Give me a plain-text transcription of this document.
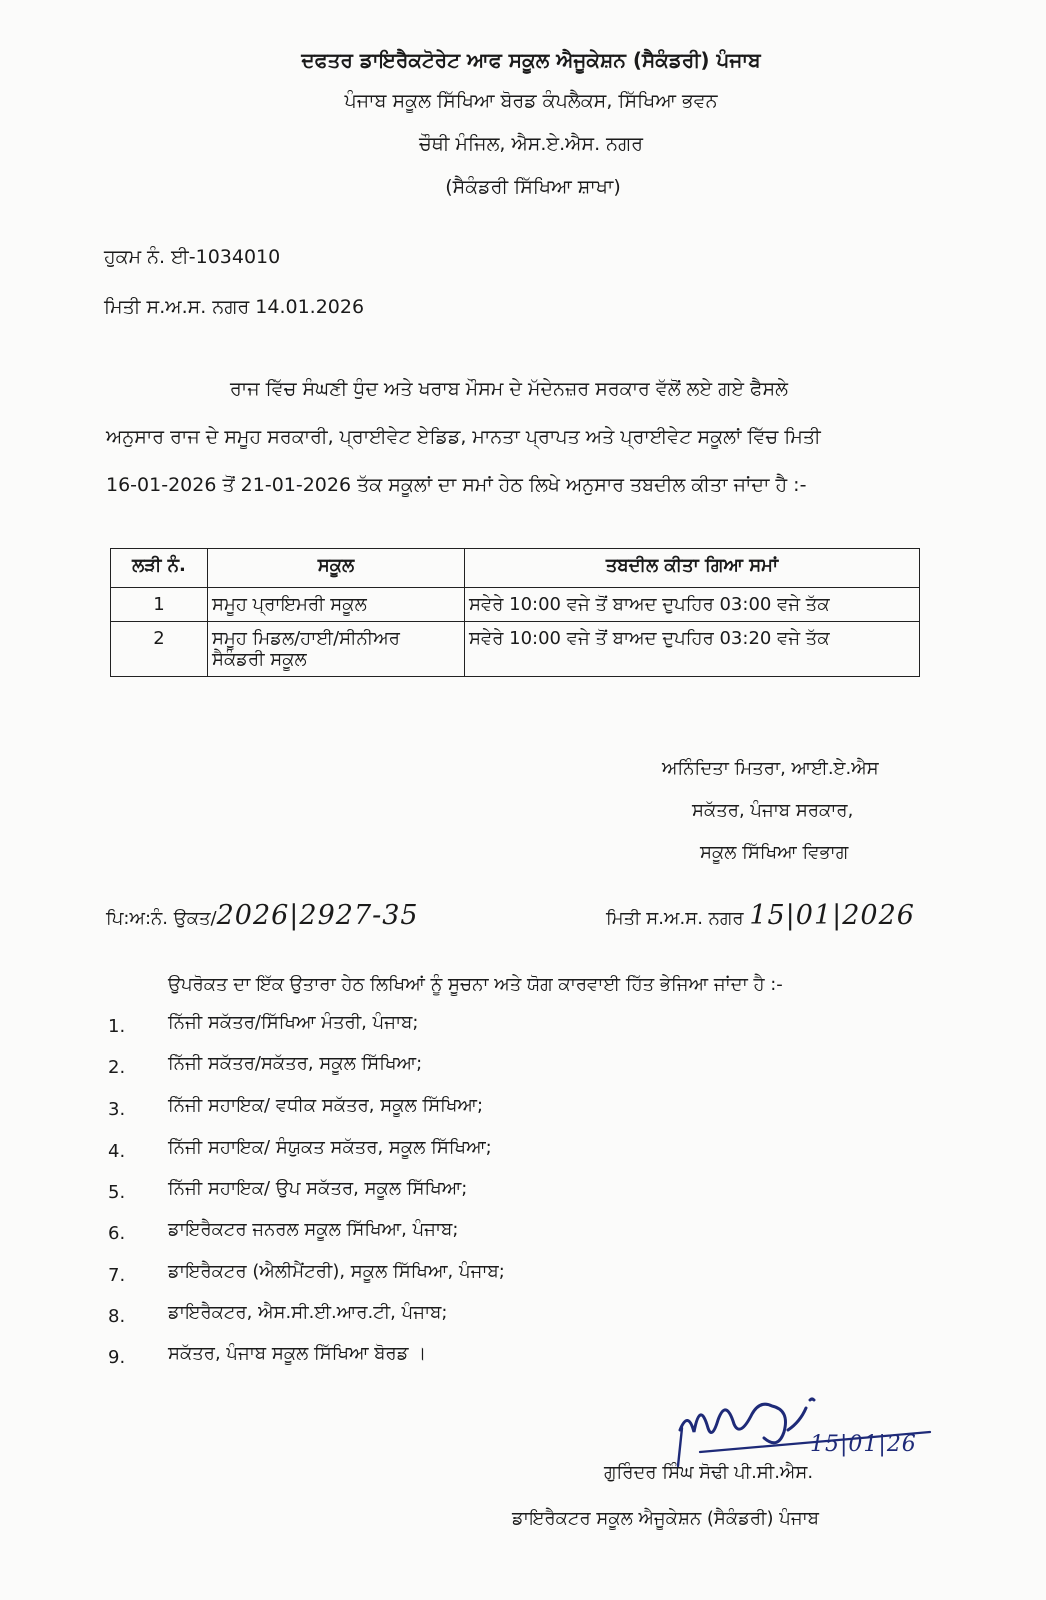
ਦਫਤਰ ਡਾਇਰੈਕਟੋਰੇਟ ਆਫ ਸਕੂਲ ਐਜੂਕੇਸ਼ਨ (ਸੈਕੰਡਰੀ) ਪੰਜਾਬ
ਪੰਜਾਬ ਸਕੂਲ ਸਿੱਖਿਆ ਬੋਰਡ ਕੰਪਲੈਕਸ, ਸਿੱਖਿਆ ਭਵਨ
ਚੌਥੀ ਮੰਜਿਲ, ਐਸ.ਏ.ਐਸ. ਨਗਰ
(ਸੈਕੰਡਰੀ ਸਿੱਖਿਆ ਸ਼ਾਖਾ)
ਹੁਕਮ ਨੰ. ਈ-1034010
ਮਿਤੀ ਸ.ਅ.ਸ. ਨਗਰ 14.01.2026
ਰਾਜ ਵਿੱਚ ਸੰਘਣੀ ਧੁੰਦ ਅਤੇ ਖਰਾਬ ਮੌਸਮ ਦੇ ਮੱਦੇਨਜ਼ਰ ਸਰਕਾਰ ਵੱਲੋਂ ਲਏ ਗਏ ਫੈਸਲੇ
ਅਨੁਸਾਰ ਰਾਜ ਦੇ ਸਮੂਹ ਸਰਕਾਰੀ, ਪ੍ਰਾਈਵੇਟ ਏਡਿਡ, ਮਾਨਤਾ ਪ੍ਰਾਪਤ ਅਤੇ ਪ੍ਰਾਈਵੇਟ ਸਕੂਲਾਂ ਵਿੱਚ ਮਿਤੀ
16-01-2026 ਤੋਂ 21-01-2026 ਤੱਕ ਸਕੂਲਾਂ ਦਾ ਸਮਾਂ ਹੇਠ ਲਿਖੇ ਅਨੁਸਾਰ ਤਬਦੀਲ ਕੀਤਾ ਜਾਂਦਾ ਹੈ :-
ਲੜੀ ਨੰ.	ਸਕੂਲ	ਤਬਦੀਲ ਕੀਤਾ ਗਿਆ ਸਮਾਂ
1	ਸਮੂਹ ਪ੍ਰਾਇਮਰੀ ਸਕੂਲ	ਸਵੇਰੇ 10:00 ਵਜੇ ਤੋਂ ਬਾਅਦ ਦੁਪਹਿਰ 03:00 ਵਜੇ ਤੱਕ
2	ਸਮੂਹ ਮਿਡਲ/ਹਾਈ/ਸੀਨੀਅਰ
ਸੈਕੰਡਰੀ ਸਕੂਲ	ਸਵੇਰੇ 10:00 ਵਜੇ ਤੋਂ ਬਾਅਦ ਦੁਪਹਿਰ 03:20 ਵਜੇ ਤੱਕ
ਅਨਿੰਦਿਤਾ ਮਿਤਰਾ, ਆਈ.ਏ.ਐਸ
ਸਕੱਤਰ, ਪੰਜਾਬ ਸਰਕਾਰ,
ਸਕੂਲ ਸਿੱਖਿਆ ਵਿਭਾਗ
ਪਿ:ਅ:ਨੰ. ਉਕਤ/2026|2927-35	ਮਿਤੀ ਸ.ਅ.ਸ. ਨਗਰ 15|01|2026
ਉਪਰੋਕਤ ਦਾ ਇੱਕ ਉਤਾਰਾ ਹੇਠ ਲਿਖਿਆਂ ਨੂੰ ਸੂਚਨਾ ਅਤੇ ਯੋਗ ਕਾਰਵਾਈ ਹਿੱਤ ਭੇਜਿਆ ਜਾਂਦਾ ਹੈ :-
1. ਨਿੱਜੀ ਸਕੱਤਰ/ਸਿੱਖਿਆ ਮੰਤਰੀ, ਪੰਜਾਬ;
2. ਨਿੱਜੀ ਸਕੱਤਰ/ਸਕੱਤਰ, ਸਕੂਲ ਸਿੱਖਿਆ;
3. ਨਿੱਜੀ ਸਹਾਇਕ/ ਵਧੀਕ ਸਕੱਤਰ, ਸਕੂਲ ਸਿੱਖਿਆ;
4. ਨਿੱਜੀ ਸਹਾਇਕ/ ਸੰਯੁਕਤ ਸਕੱਤਰ, ਸਕੂਲ ਸਿੱਖਿਆ;
5. ਨਿੱਜੀ ਸਹਾਇਕ/ ਉਪ ਸਕੱਤਰ, ਸਕੂਲ ਸਿੱਖਿਆ;
6. ਡਾਇਰੈਕਟਰ ਜਨਰਲ ਸਕੂਲ ਸਿੱਖਿਆ, ਪੰਜਾਬ;
7. ਡਾਇਰੈਕਟਰ (ਐਲੀਮੈਂਟਰੀ), ਸਕੂਲ ਸਿੱਖਿਆ, ਪੰਜਾਬ;
8. ਡਾਇਰੈਕਟਰ, ਐਸ.ਸੀ.ਈ.ਆਰ.ਟੀ, ਪੰਜਾਬ;
9. ਸਕੱਤਰ, ਪੰਜਾਬ ਸਕੂਲ ਸਿੱਖਿਆ ਬੋਰਡ ।
15|01|26
ਗੁਰਿੰਦਰ ਸਿੰਘ ਸੋਢੀ ਪੀ.ਸੀ.ਐਸ.
ਡਾਇਰੈਕਟਰ ਸਕੂਲ ਐਜੂਕੇਸ਼ਨ (ਸੈਕੰਡਰੀ) ਪੰਜਾਬ
